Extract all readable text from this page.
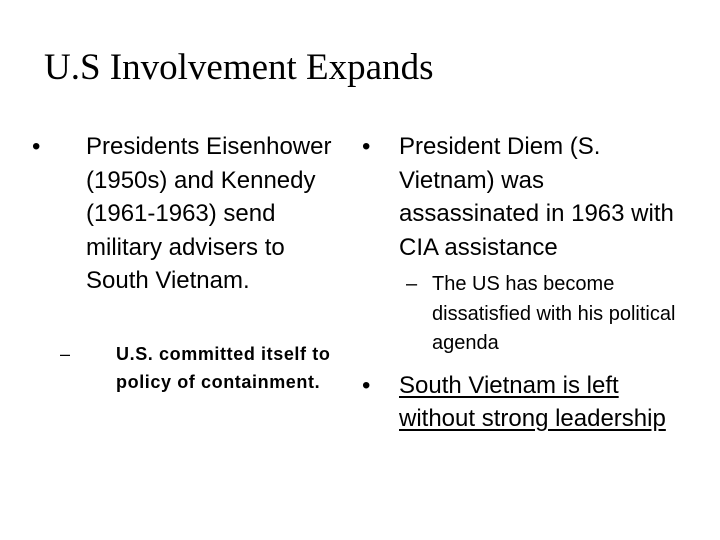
U.S Involvement Expands
• Presidents Eisenhower (1950s) and Kennedy (1961-1963) send military advisers to South Vietnam.
–	U.S. committed itself to policy of containment.
• President Diem (S. Vietnam) was assassinated in 1963 with CIA assistance
– The US has become dissatisfied with his political agenda
• South Vietnam is left without strong leadership
